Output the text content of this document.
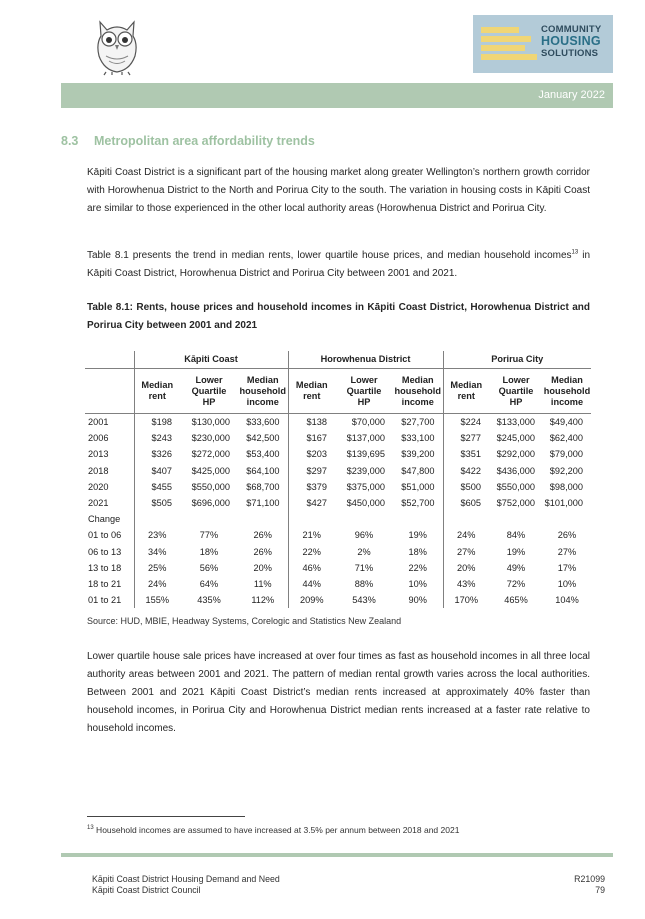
COMMUNITY
HOUSING
SOLUTIONS
January 2022
8.3 Metropolitan area affordability trends
Kāpiti Coast District is a significant part of the housing market along greater Wellington’s northern growth corridor with Horowhenua District to the North and Porirua City to the south. The variation in housing costs in Kāpiti Coast are similar to those experienced in the other local authority areas (Horowhenua District and Porirua City.
Table 8.1 presents the trend in median rents, lower quartile house prices, and median household incomes$^{13}$ in Kāpiti Coast District, Horowhenua District and Porirua City between 2001 and 2021.
Table 8.1: Rents, house prices and household incomes in Kāpiti Coast District, Horowhenua District and Porirua City between 2001 and 2021
	Kāpiti Coast			Horowhenua District			Porirua City		
	Median
rent	Lower
Quartile
HP	Median
household
income	Median
rent	Lower
Quartile
HP	Median
household
income	Median
rent	Lower
Quartile
HP	Median
household
income
2001	$198	$130,000	$33,600	$138	$70,000	$27,700	$224	$133,000	$49,400
2006	$243	$230,000	$42,500	$167	$137,000	$33,100	$277	$245,000	$62,400
2013	$326	$272,000	$53,400	$203	$139,695	$39,200	$351	$292,000	$79,000
2018	$407	$425,000	$64,100	$297	$239,000	$47,800	$422	$436,000	$92,200
2020	$455	$550,000	$68,700	$379	$375,000	$51,000	$500	$550,000	$98,000
2021	$505	$696,000	$71,100	$427	$450,000	$52,700	$605	$752,000	$101,000
Change									
01 to 06	23%	77%	26%	21%	96%	19%	24%	84%	26%
06 to 13	34%	18%	26%	22%	2%	18%	27%	19%	27%
13 to 18	25%	56%	20%	46%	71%	22%	20%	49%	17%
18 to 21	24%	64%	11%	44%	88%	10%	43%	72%	10%
01 to 21	155%	435%	112%	209%	543%	90%	170%	465%	104%
Source: HUD, MBIE, Headway Systems, Corelogic and Statistics New Zealand
Lower quartile house sale prices have increased at over four times as fast as household incomes in all three local authority areas between 2001 and 2021. The pattern of median rental growth varies across the local authorities. Between 2001 and 2021 Kāpiti Coast District’s median rents increased at approximately 40% faster than household incomes, in Porirua City and Horowhenua District median rents increased at a faster rate relative to household incomes.
$^{13}$ Household incomes are assumed to have increased at 3.5% per annum between 2018 and 2021
Kāpiti Coast District Housing Demand and Need
Kāpiti Coast District Council
R21099
79
